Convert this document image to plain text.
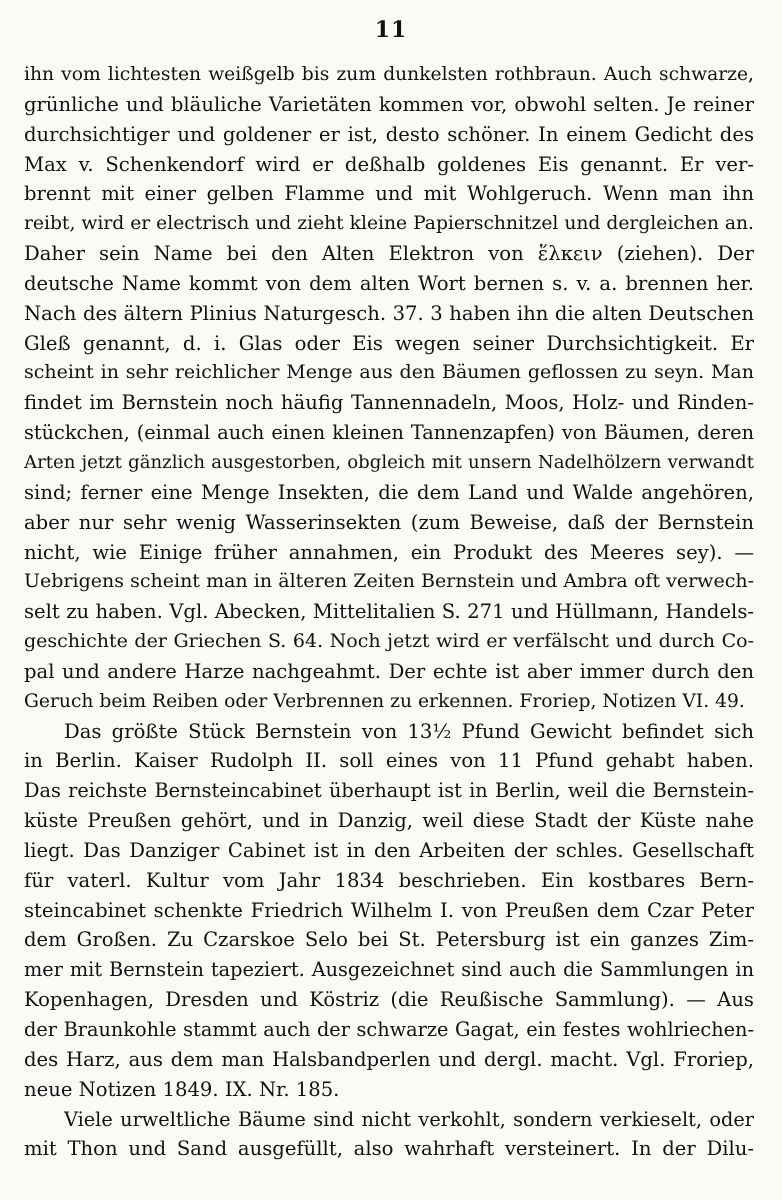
11
ihn vom lichtesten weißgelb bis zum dunkelsten rothbraun. Auch schwarze,
grünliche und bläuliche Varietäten kommen vor, obwohl selten. Je reiner
durchsichtiger und goldener er ist, desto schöner. In einem Gedicht des
Max v. Schenkendorf wird er deßhalb goldenes Eis genannt. Er ver-
brennt mit einer gelben Flamme und mit Wohlgeruch. Wenn man ihn
reibt, wird er electrisch und zieht kleine Papierschnitzel und dergleichen an.
Daher sein Name bei den Alten Elektron von ἕλκειν (ziehen). Der
deutsche Name kommt von dem alten Wort bernen s. v. a. brennen her.
Nach des ältern Plinius Naturgesch. 37. 3 haben ihn die alten Deutschen
Gleß genannt, d. i. Glas oder Eis wegen seiner Durchsichtigkeit. Er
scheint in sehr reichlicher Menge aus den Bäumen geflossen zu seyn. Man
findet im Bernstein noch häufig Tannennadeln, Moos, Holz- und Rinden-
stückchen, (einmal auch einen kleinen Tannenzapfen) von Bäumen, deren
Arten jetzt gänzlich ausgestorben, obgleich mit unsern Nadelhölzern verwandt
sind; ferner eine Menge Insekten, die dem Land und Walde angehören,
aber nur sehr wenig Wasserinsekten (zum Beweise, daß der Bernstein
nicht, wie Einige früher annahmen, ein Produkt des Meeres sey). —
Uebrigens scheint man in älteren Zeiten Bernstein und Ambra oft verwech-
selt zu haben. Vgl. Abecken, Mittelitalien S. 271 und Hüllmann, Handels-
geschichte der Griechen S. 64. Noch jetzt wird er verfälscht und durch Co-
pal und andere Harze nachgeahmt. Der echte ist aber immer durch den
Geruch beim Reiben oder Verbrennen zu erkennen. Froriep, Notizen VI. 49.
Das größte Stück Bernstein von 13½ Pfund Gewicht befindet sich
in Berlin. Kaiser Rudolph II. soll eines von 11 Pfund gehabt haben.
Das reichste Bernsteincabinet überhaupt ist in Berlin, weil die Bernstein-
küste Preußen gehört, und in Danzig, weil diese Stadt der Küste nahe
liegt. Das Danziger Cabinet ist in den Arbeiten der schles. Gesellschaft
für vaterl. Kultur vom Jahr 1834 beschrieben. Ein kostbares Bern-
steincabinet schenkte Friedrich Wilhelm I. von Preußen dem Czar Peter
dem Großen. Zu Czarskoe Selo bei St. Petersburg ist ein ganzes Zim-
mer mit Bernstein tapeziert. Ausgezeichnet sind auch die Sammlungen in
Kopenhagen, Dresden und Köstriz (die Reußische Sammlung). — Aus
der Braunkohle stammt auch der schwarze Gagat, ein festes wohlriechen-
des Harz, aus dem man Halsbandperlen und dergl. macht. Vgl. Froriep,
neue Notizen 1849. IX. Nr. 185.
Viele urweltliche Bäume sind nicht verkohlt, sondern verkieselt, oder
mit Thon und Sand ausgefüllt, also wahrhaft versteinert. In der Dilu-
